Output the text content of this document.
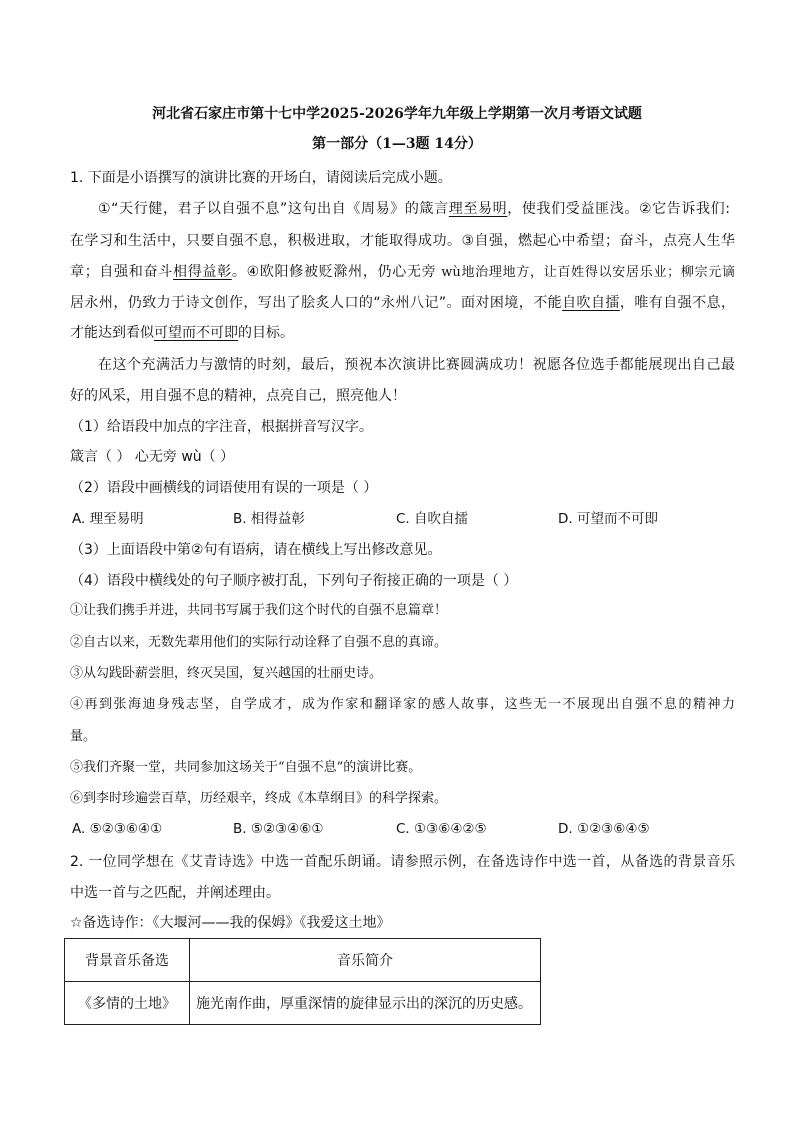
河北省石家庄市第十七中学2025-2026学年九年级上学期第一次月考语文试题
第一部分（1—3题 14分）
1. 下面是小语撰写的演讲比赛的开场白，请阅读后完成小题。
①“天行健，君子以自强不息”这句出自《周易》的箴言理至易明，使我们受益匪浅。②它告诉我们:
在学习和生活中，只要自强不息，积极进取，才能取得成功。③自强，燃起心中希望；奋斗，点亮人生华
章；自强和奋斗相得益彰。④欧阳修被贬滁州，仍心无旁 wù地治理地方，让百姓得以安居乐业；柳宗元谪
居永州，仍致力于诗文创作，写出了脍炙人口的“永州八记”。面对困境，不能自吹自擂，唯有自强不息，
才能达到看似可望而不可即的目标。
在这个充满活力与激情的时刻，最后，预祝本次演讲比赛圆满成功！祝愿各位选手都能展现出自己最
好的风采，用自强不息的精神，点亮自己，照亮他人！
（1）给语段中加点的字注音，根据拼音写汉字。
箴言（ ） 心无旁 wù（ ）
（2）语段中画横线的词语使用有误的一项是（ ）
A. 理至易明	B. 相得益彰	C. 自吹自擂	D. 可望而不可即
（3）上面语段中第②句有语病，请在横线上写出修改意见。
（4）语段中横线处的句子顺序被打乱，下列句子衔接正确的一项是（ ）
①让我们携手并进，共同书写属于我们这个时代的自强不息篇章！
②自古以来，无数先辈用他们的实际行动诠释了自强不息的真谛。
③从勾践卧薪尝胆，终灭吴国，复兴越国的壮丽史诗。
④再到张海迪身残志坚，自学成才，成为作家和翻译家的感人故事，这些无一不展现出自强不息的精神力
量。
⑤我们齐聚一堂，共同参加这场关于“自强不息”的演讲比赛。
⑥到李时珍遍尝百草，历经艰辛，终成《本草纲目》的科学探索。
A. ⑤②③⑥④①	B. ⑤②③④⑥①	C. ①③⑥④②⑤	D. ①②③⑥④⑤
2. 一位同学想在《艾青诗选》中选一首配乐朗诵。请参照示例，在备选诗作中选一首，从备选的背景音乐
中选一首与之匹配，并阐述理由。
☆备选诗作：《大堰河——我的保姆》《我爱这土地》
背景音乐备选	音乐简介
《多情的土地》	施光南作曲，厚重深情的旋律显示出的深沉的历史感。
